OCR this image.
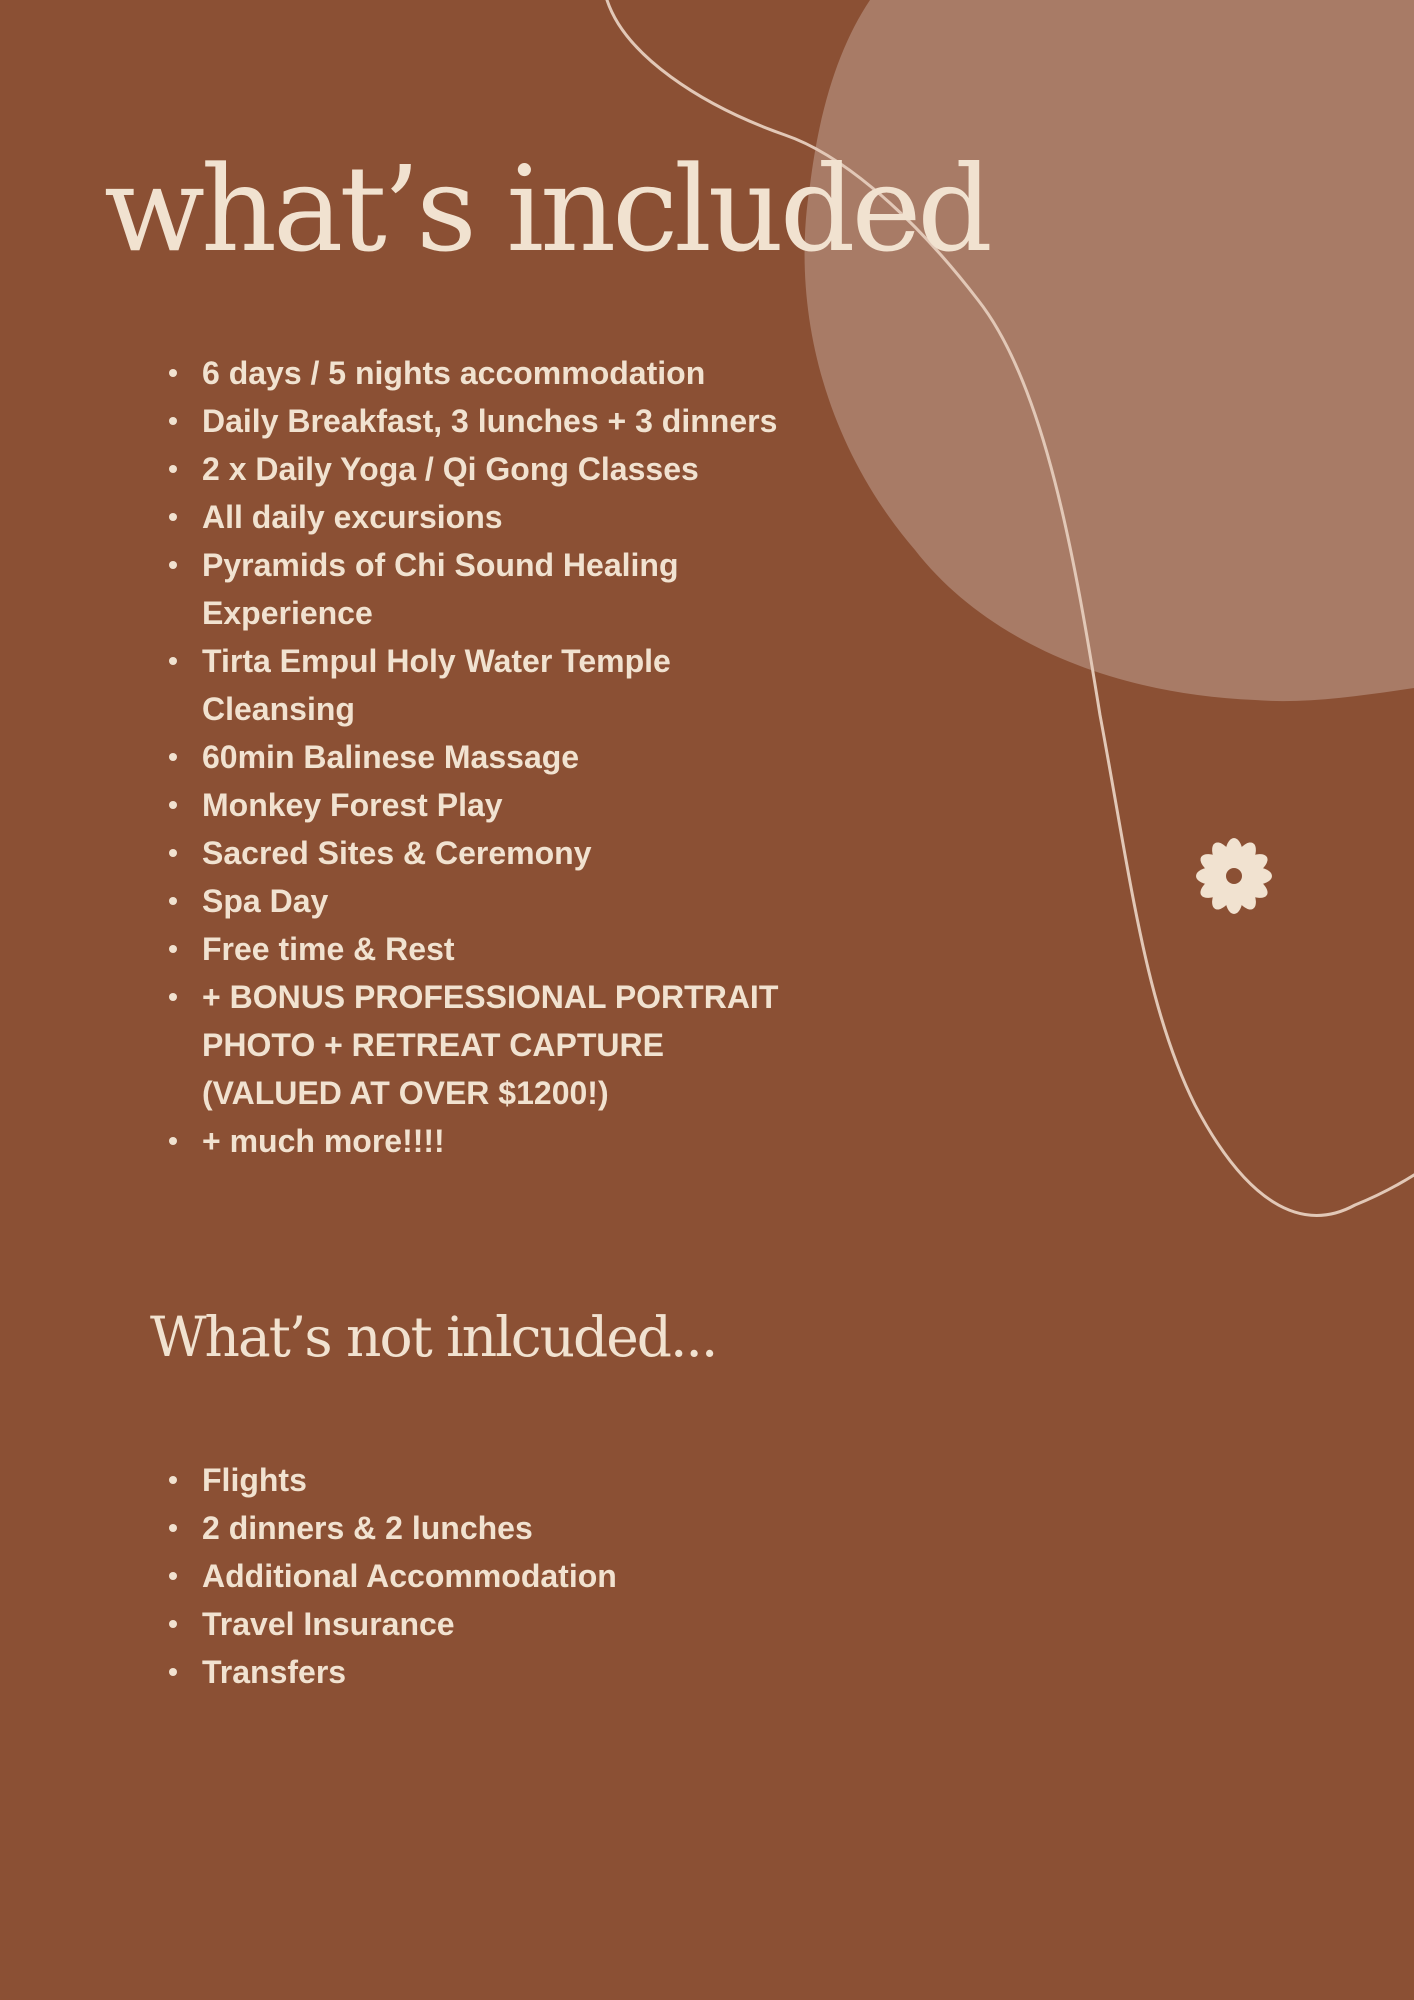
what’s included
6 days / 5 nights accommodation
Daily Breakfast, 3 lunches + 3 dinners
2 x Daily Yoga / Qi Gong Classes
All daily excursions
Pyramids of Chi Sound Healing Experience
Tirta Empul Holy Water Temple Cleansing
60min Balinese Massage
Monkey Forest Play
Sacred Sites & Ceremony
Spa Day
Free time & Rest
+ BONUS PROFESSIONAL PORTRAIT PHOTO + RETREAT CAPTURE (VALUED AT OVER $1200!)
+ much more!!!!
What’s not inlcuded...
Flights
2 dinners & 2 lunches
Additional Accommodation
Travel Insurance
Transfers
